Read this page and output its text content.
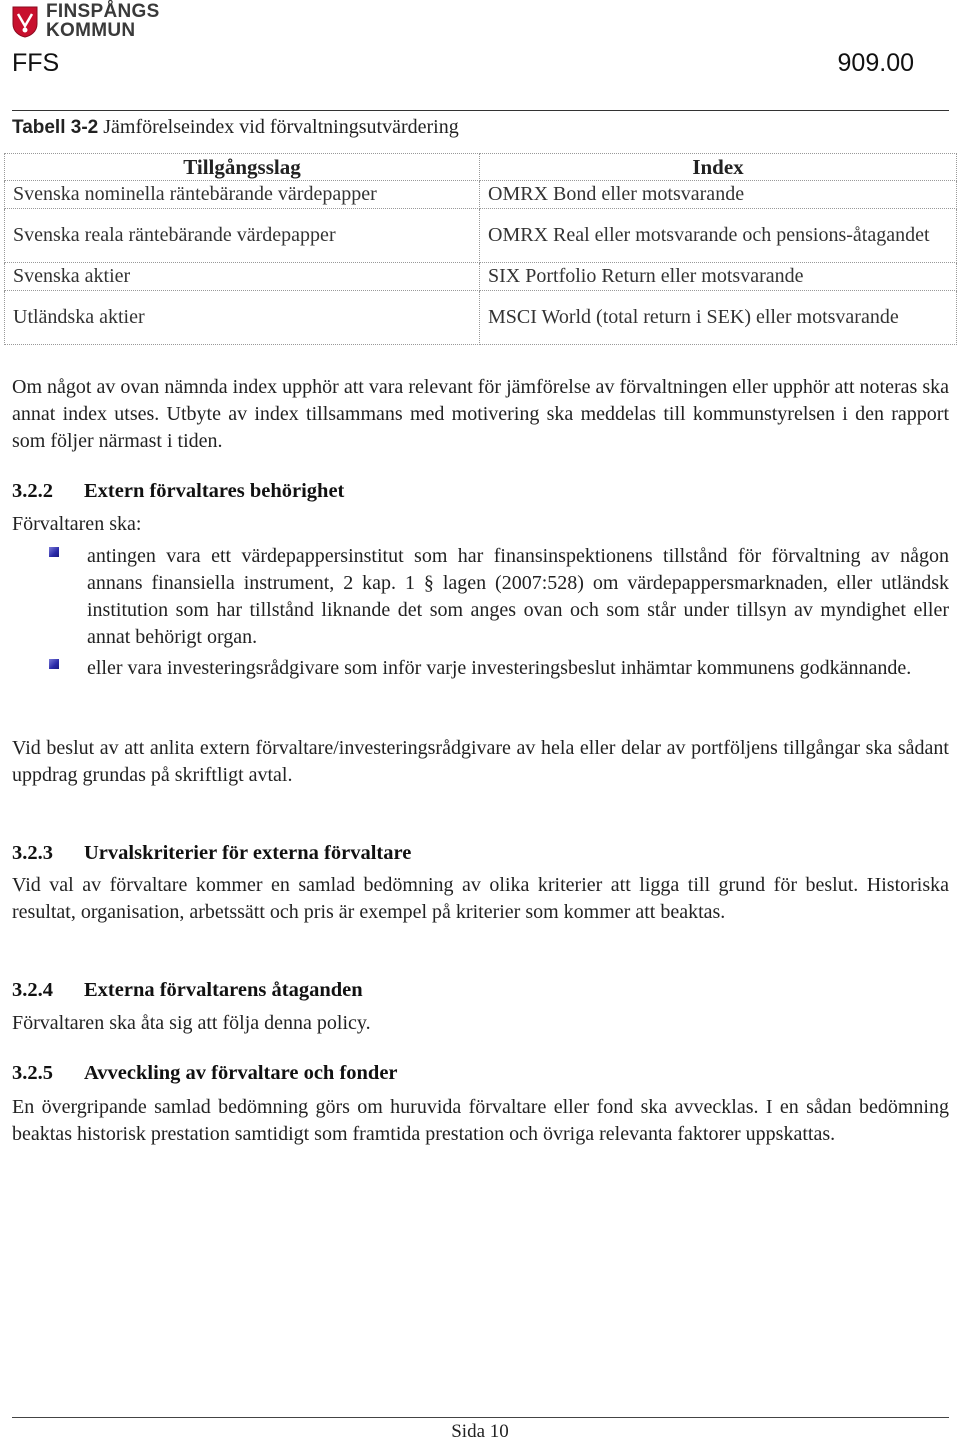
FINSPÅNGS
KOMMUN
FFS	909.00
Tabell 3-2 Jämförelseindex vid förvaltningsutvärdering
Tillgångsslag	Index
Svenska nominella räntebärande värdepapper	OMRX Bond eller motsvarande
Svenska reala räntebärande värdepapper	OMRX Real eller motsvarande och pensions-åtagandet
Svenska aktier	SIX Portfolio Return eller motsvarande
Utländska aktier	MSCI World (total return i SEK) eller motsvarande
Om något av ovan nämnda index upphör att vara relevant för jämförelse av förvaltningen eller upphör att noteras ska annat index utses. Utbyte av index tillsammans med motivering ska meddelas till kommunstyrelsen i den rapport som följer närmast i tiden.
3.2.2 Extern förvaltares behörighet
Förvaltaren ska:
antingen vara ett värdepappersinstitut som har finansinspektionens tillstånd för förvaltning av någon annans finansiella instrument, 2 kap. 1 § lagen (2007:528) om värdepappersmarknaden, eller utländsk institution som har tillstånd liknande det som anges ovan och som står under tillsyn av myndighet eller annat behörigt organ.
eller vara investeringsrådgivare som inför varje investeringsbeslut inhämtar kommunens godkännande.
Vid beslut av att anlita extern förvaltare/investeringsrådgivare av hela eller delar av portföljens tillgångar ska sådant uppdrag grundas på skriftligt avtal.
3.2.3 Urvalskriterier för externa förvaltare
Vid val av förvaltare kommer en samlad bedömning av olika kriterier att ligga till grund för beslut. Historiska resultat, organisation, arbetssätt och pris är exempel på kriterier som kommer att beaktas.
3.2.4 Externa förvaltarens åtaganden
Förvaltaren ska åta sig att följa denna policy.
3.2.5 Avveckling av förvaltare och fonder
En övergripande samlad bedömning görs om huruvida förvaltare eller fond ska avvecklas. I en sådan bedömning beaktas historisk prestation samtidigt som framtida prestation och övriga relevanta faktorer uppskattas.
Sida 10
